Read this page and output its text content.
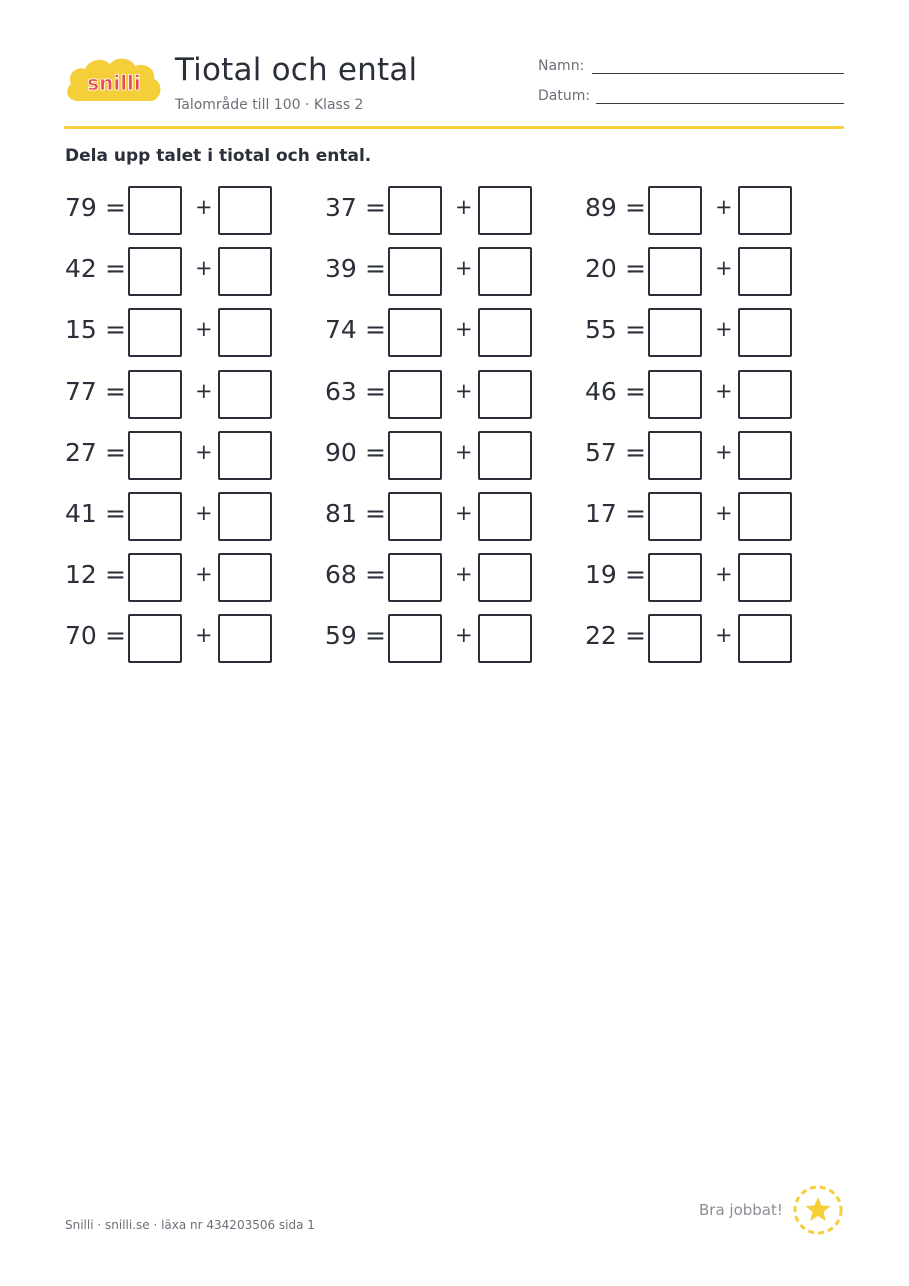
snilli Tiotal och ental
Talområde till 100 · Klass 2
Namn:
Datum:
Dela upp talet i tiotal och ental.
79 =	+
42 =	+
15 =	+
77 =	+
27 =	+
41 =	+
12 =	+
70 =	+
37 =	+
39 =	+
74 =	+
63 =	+
90 =	+
81 =	+
68 =	+
59 =	+
89 =	+
20 =	+
55 =	+
46 =	+
57 =	+
17 =	+
19 =	+
22 =	+
Snilli · snilli.se · läxa nr 434203506 sida 1
Bra jobbat!
